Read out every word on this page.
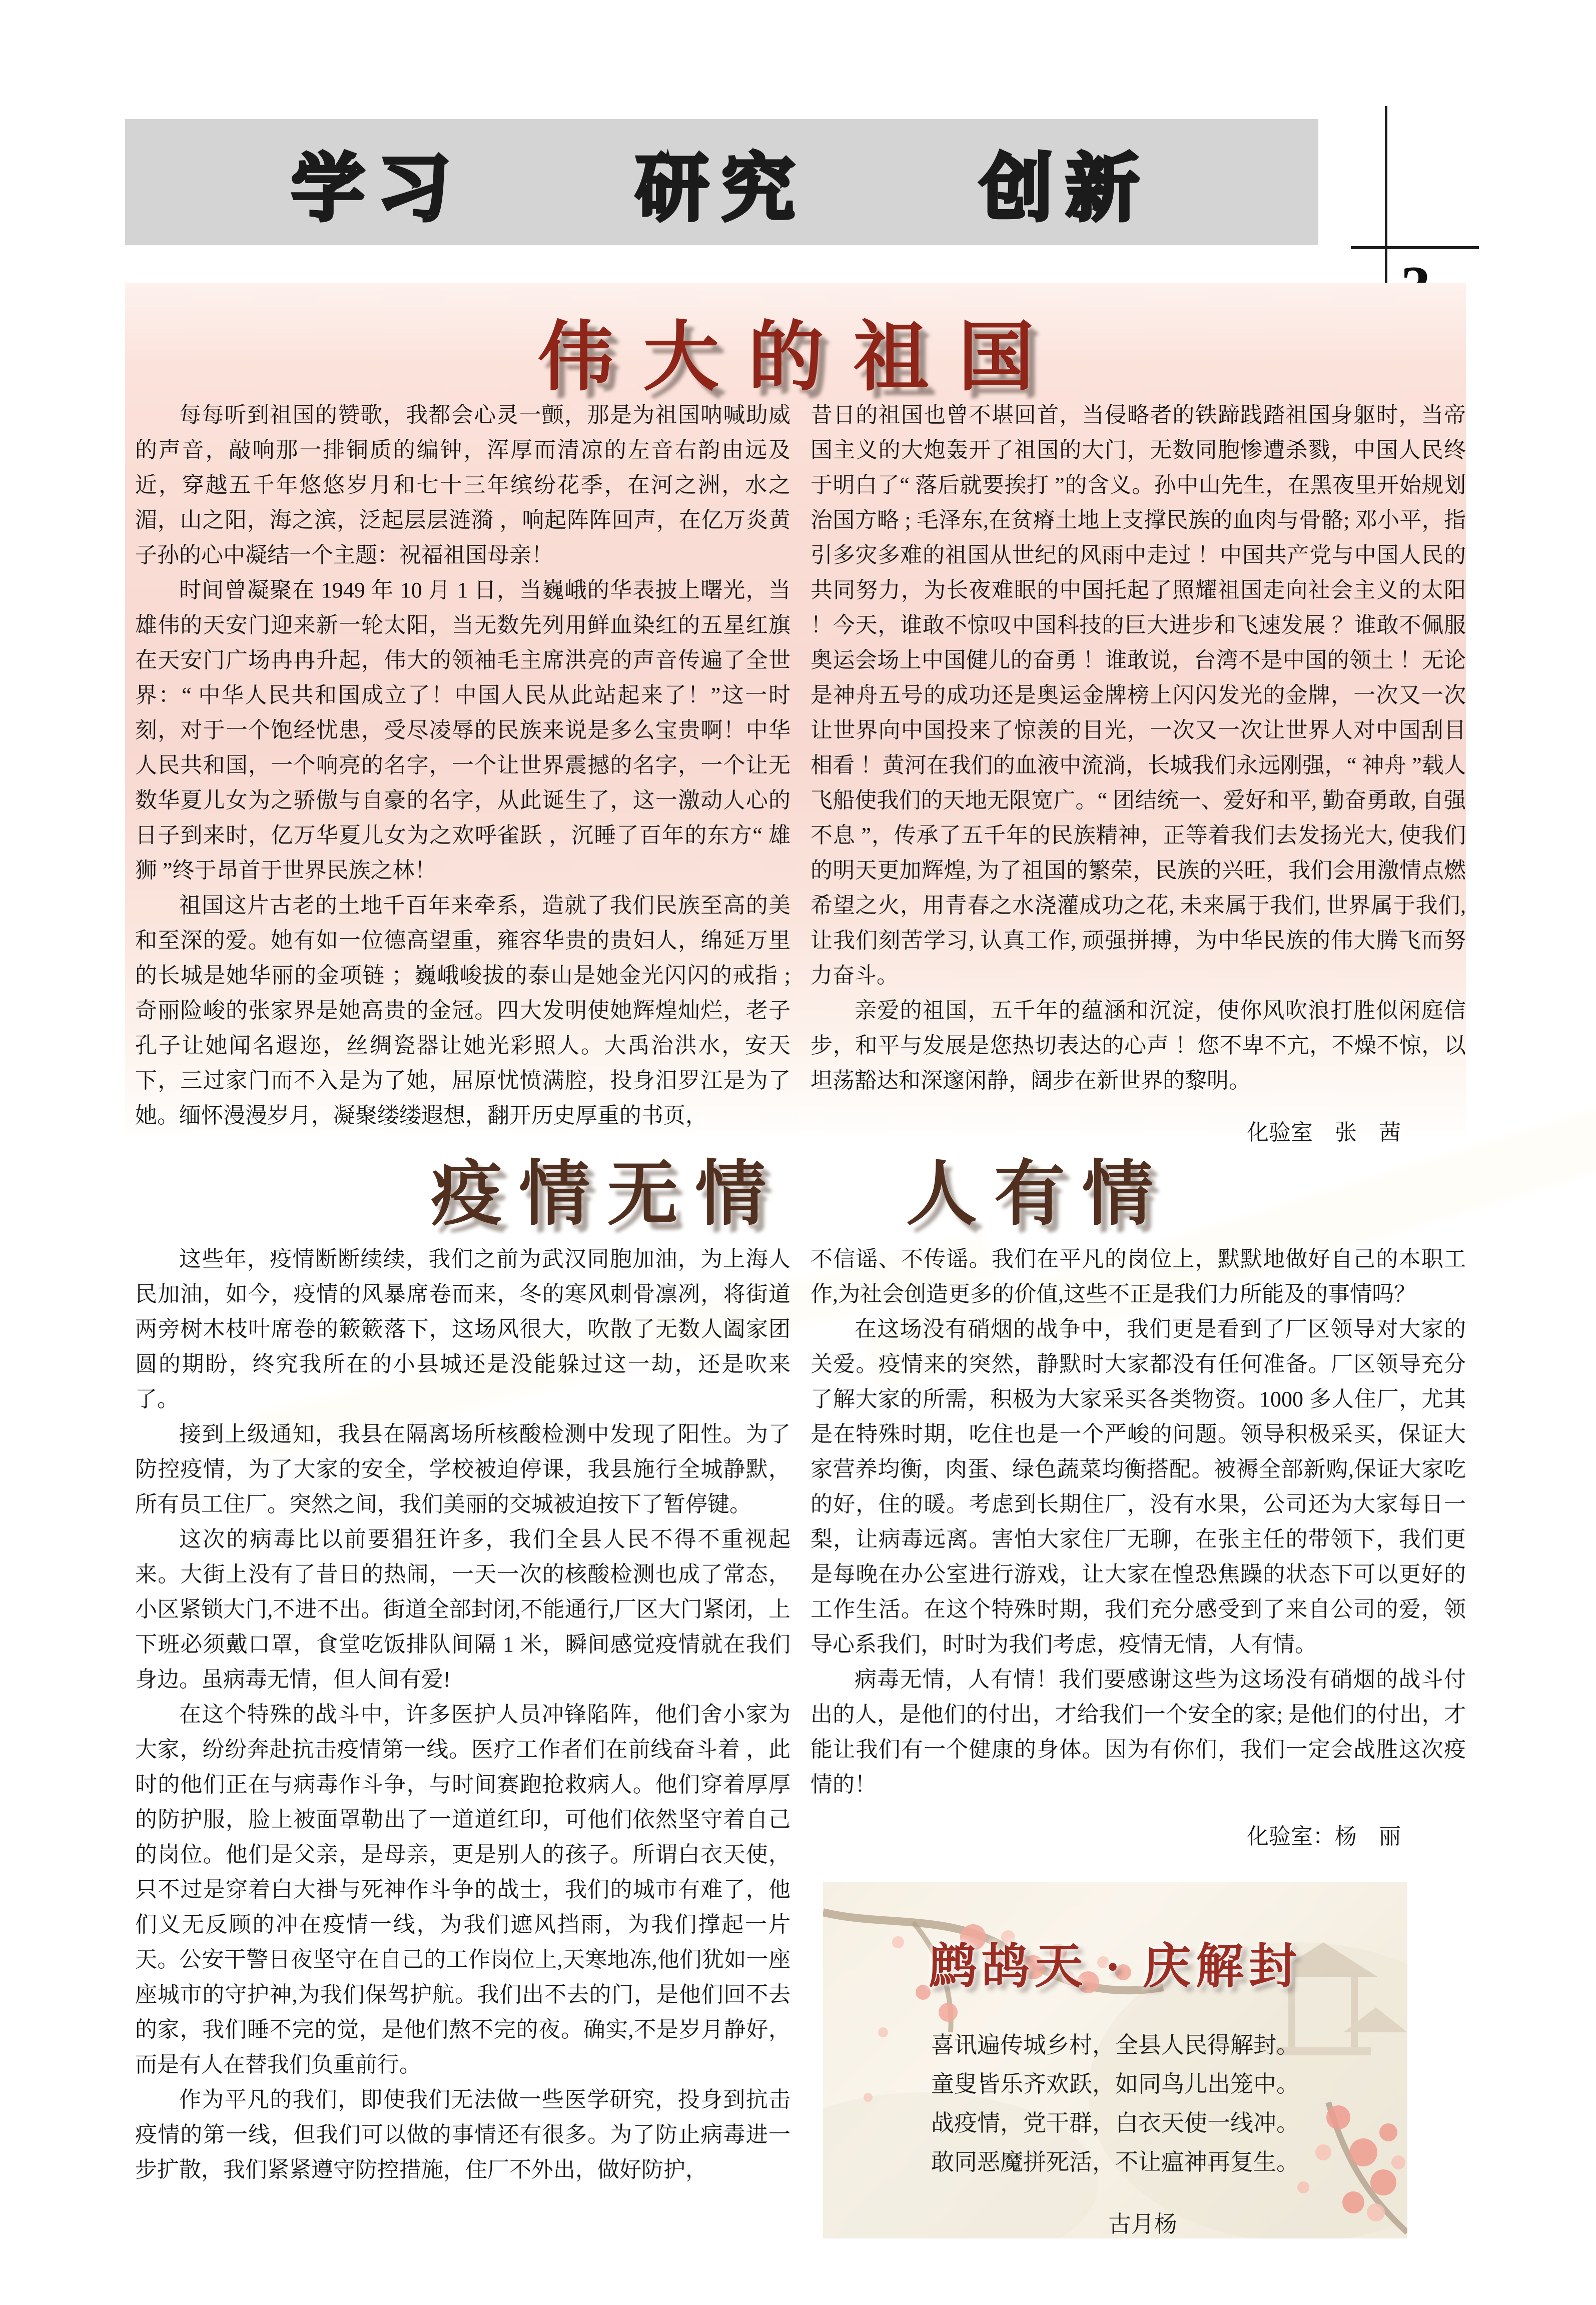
学习　　研究　　创新
伟大的祖国

每每听到祖国的赞歌，我都会心灵一颤，那是为祖国呐喊助威的声音，敲响那一排铜质的编钟，浑厚而清凉的左音右韵由远及近，穿越五千年悠悠岁月和七十三年缤纷花季，在河之洲，水之湄，山之阳，海之滨，泛起层层涟漪 ，响起阵阵回声，在亿万炎黄子孙的心中凝结一个主题：祝福祖国母亲！

时间曾凝聚在 1949 年 10 月 1 日，当巍峨的华表披上曙光，当雄伟的天安门迎来新一轮太阳，当无数先列用鲜血染红的五星红旗在天安门广场冉冉升起，伟大的领袖毛主席洪亮的声音传遍了全世界：“ 中华人民共和国成立了！中国人民从此站起来了！”这一时刻，对于一个饱经忧患，受尽凌辱的民族来说是多么宝贵啊！中华人民共和国，一个响亮的名字，一个让世界震撼的名字，一个让无数华夏儿女为之骄傲与自豪的名字，从此诞生了，这一激动人心的日子到来时，亿万华夏儿女为之欢呼雀跃 ，沉睡了百年的东方“ 雄狮 ”终于昂首于世界民族之林！

祖国这片古老的土地千百年来牵系，造就了我们民族至高的美和至深的爱。她有如一位德高望重，雍容华贵的贵妇人，绵延万里的长城是她华丽的金项链 ；巍峨峻拔的泰山是她金光闪闪的戒指 ; 奇丽险峻的张家界是她高贵的金冠。四大发明使她辉煌灿烂，老子孔子让她闻名遐迩，丝绸瓷器让她光彩照人。大禹治洪水，安天下，三过家门而不入是为了她，屈原忧愤满腔，投身汨罗江是为了她。缅怀漫漫岁月，凝聚缕缕遐想，翻开历史厚重的书页，

昔日的祖国也曾不堪回首，当侵略者的铁蹄践踏祖国身躯时，当帝国主义的大炮轰开了祖国的大门，无数同胞惨遭杀戮，中国人民终于明白了“ 落后就要挨打 ”的含义。孙中山先生，在黑夜里开始规划治国方略 ; 毛泽东,在贫瘠土地上支撑民族的血肉与骨骼; 邓小平，指引多灾多难的祖国从世纪的风雨中走过 ！中国共产党与中国人民的共同努力，为长夜难眠的中国托起了照耀祖国走向社会主义的太阳 ！今天，谁敢不惊叹中国科技的巨大进步和飞速发展 ？谁敢不佩服奥运会场上中国健儿的奋勇 ！谁敢说，台湾不是中国的领土 ！无论是神舟五号的成功还是奥运金牌榜上闪闪发光的金牌，一次又一次让世界向中国投来了惊羡的目光，一次又一次让世界人对中国刮目相看 ！黄河在我们的血液中流淌，长城我们永远刚强，“ 神舟 ”载人飞船使我们的天地无限宽广。“ 团结统一、爱好和平, 勤奋勇敢, 自强不息 ”，传承了五千年的民族精神，正等着我们去发扬光大, 使我们的明天更加辉煌, 为了祖国的繁荣，民族的兴旺，我们会用激情点燃希望之火，用青春之水浇灌成功之花, 未来属于我们, 世界属于我们, 让我们刻苦学习, 认真工作, 顽强拼搏，为中华民族的伟大腾飞而努力奋斗。

亲爱的祖国，五千年的蕴涵和沉淀，使你风吹浪打胜似闲庭信步，和平与发展是您热切表达的心声 ！您不卑不亢，不燥不惊，以坦荡豁达和深邃闲静，阔步在新世界的黎明。

化验室　张　茜

疫情无情　 人有情

这些年，疫情断断续续，我们之前为武汉同胞加油，为上海人民加油，如今，疫情的风暴席卷而来，冬的寒风刺骨凛冽，将街道两旁树木枝叶席卷的簌簌落下，这场风很大，吹散了无数人阖家团圆的期盼，终究我所在的小县城还是没能躲过这一劫，还是吹来了。

接到上级通知，我县在隔离场所核酸检测中发现了阳性。为了防控疫情，为了大家的安全，学校被迫停课，我县施行全城静默，所有员工住厂。突然之间，我们美丽的交城被迫按下了暂停键。

这次的病毒比以前要猖狂许多，我们全县人民不得不重视起来。大街上没有了昔日的热闹，一天一次的核酸检测也成了常态，小区紧锁大门,不进不出。街道全部封闭,不能通行,厂区大门紧闭，上下班必须戴口罩，食堂吃饭排队间隔 1 米，瞬间感觉疫情就在我们身边。虽病毒无情，但人间有爱!

在这个特殊的战斗中，许多医护人员冲锋陷阵，他们舍小家为大家，纷纷奔赴抗击疫情第一线。医疗工作者们在前线奋斗着 ，此时的他们正在与病毒作斗争，与时间赛跑抢救病人。他们穿着厚厚的防护服，脸上被面罩勒出了一道道红印，可他们依然坚守着自己的岗位。他们是父亲，是母亲，更是别人的孩子。所谓白衣天使，只不过是穿着白大褂与死神作斗争的战士，我们的城市有难了，他们义无反顾的冲在疫情一线，为我们遮风挡雨，为我们撑起一片天。公安干警日夜坚守在自己的工作岗位上,天寒地冻,他们犹如一座座城市的守护神,为我们保驾护航。我们出不去的门，是他们回不去的家，我们睡不完的觉，是他们熬不完的夜。确实,不是岁月静好，而是有人在替我们负重前行。

作为平凡的我们，即使我们无法做一些医学研究，投身到抗击疫情的第一线，但我们可以做的事情还有很多。为了防止病毒进一步扩散，我们紧紧遵守防控措施，住厂不外出，做好防护，

不信谣、不传谣。我们在平凡的岗位上，默默地做好自己的本职工作,为社会创造更多的价值,这些不正是我们力所能及的事情吗？

在这场没有硝烟的战争中，我们更是看到了厂区领导对大家的关爱。疫情来的突然，静默时大家都没有任何准备。厂区领导充分了解大家的所需，积极为大家采买各类物资。1000 多人住厂，尤其是在特殊时期，吃住也是一个严峻的问题。领导积极采买，保证大家营养均衡，肉蛋、绿色蔬菜均衡搭配。被褥全部新购,保证大家吃的好，住的暖。考虑到长期住厂，没有水果，公司还为大家每日一梨，让病毒远离。害怕大家住厂无聊，在张主任的带领下，我们更是每晚在办公室进行游戏，让大家在惶恐焦躁的状态下可以更好的工作生活。在这个特殊时期，我们充分感受到了来自公司的爱，领导心系我们，时时为我们考虑，疫情无情，人有情。

病毒无情，人有情！我们要感谢这些为这场没有硝烟的战斗付出的人，是他们的付出，才给我们一个安全的家; 是他们的付出，才能让我们有一个健康的身体。因为有你们，我们一定会战胜这次疫情的！

化验室：杨　丽

鹧鸪天 · 庆解封
喜讯遍传城乡村，全县人民得解封。
童叟皆乐齐欢跃，如同鸟儿出笼中。
战疫情，党干群，白衣天使一线冲。
敢同恶魔拼死活，不让瘟神再复生。
古月杨
